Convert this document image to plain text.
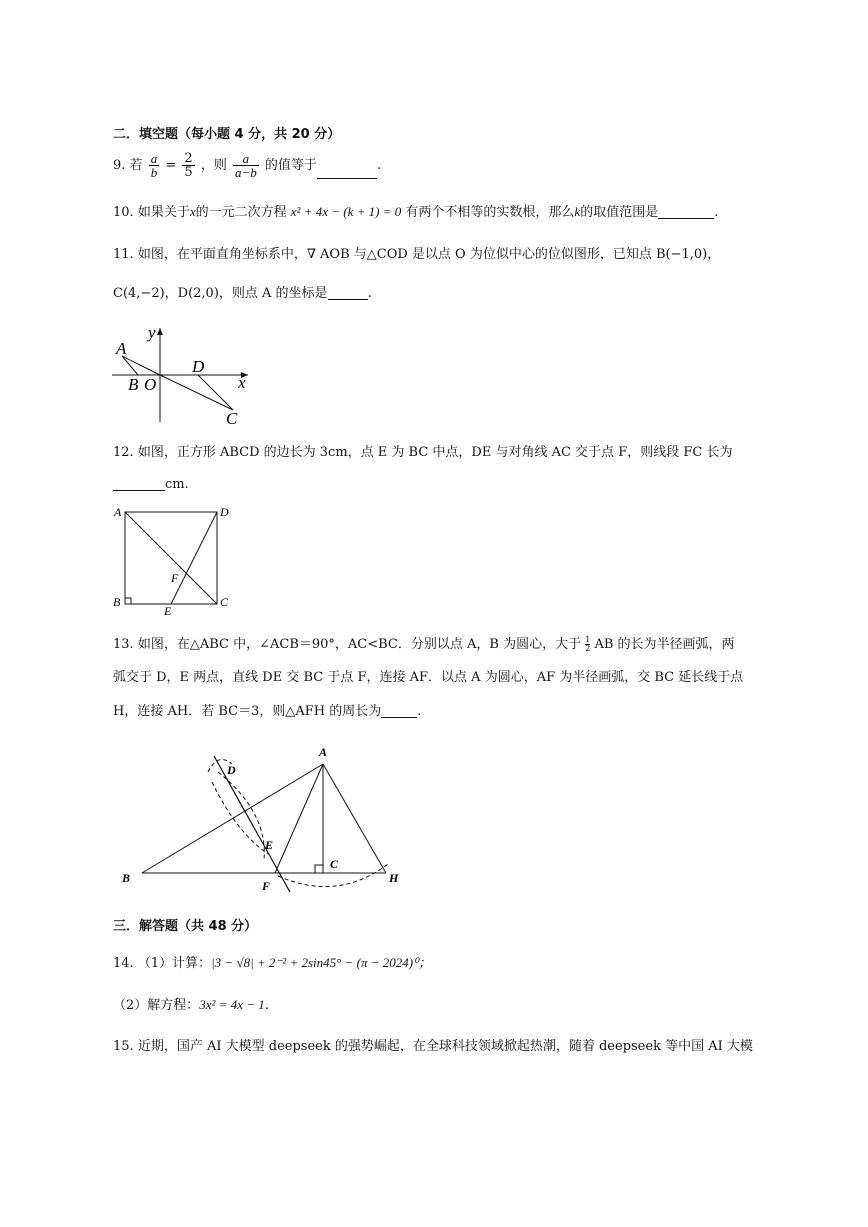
二．填空题（每小题 4 分，共 20 分）
9. 若 $\frac{a}{b} = \frac{2}{5}$ ，则 $\frac{a}{a-b}$ 的值等于	.
10. 如果关于x的一元二次方程 x² + 4x − (k + 1) = 0 有两个不相等的实数根，那么k的取值范围是	.
11. 如图，在平面直角坐标系中，∇ AOB 与△COD 是以点 O 为位似中心的位似图形，已知点 B(−1,0)，
C(4,−2)，D(2,0)，则点 A 的坐标是	.
y
x
A
B O
D
C
12. 如图，正方形 ABCD 的边长为 3cm，点 E 为 BC 中点，DE 与对角线 AC 交于点 F，则线段 FC 长为
cm.
A	D
B	C
E
F
13. 如图，在△ABC 中，∠ACB＝90°，AC<BC．分别以点 A，B 为圆心，大于 $\frac{1}{2}$ AB 的长为半径画弧，两
弧交于 D，E 两点，直线 DE 交 BC 于点 F，连接 AF．以点 A 为圆心，AF 为半径画弧，交 BC 延长线于点
H，连接 AH．若 BC＝3，则△AFH 的周长为	.
A
D
E
B
F
C
H
三．解答题（共 48 分）
14. （1）计算：|3 − √8| + 2⁻² + 2sin45° − (π − 2024)⁰；
（2）解方程：3x² = 4x − 1．
15. 近期，国产 AI 大模型 deepseek 的强势崛起，在全球科技领域掀起热潮，随着 deepseek 等中国 AI 大模
